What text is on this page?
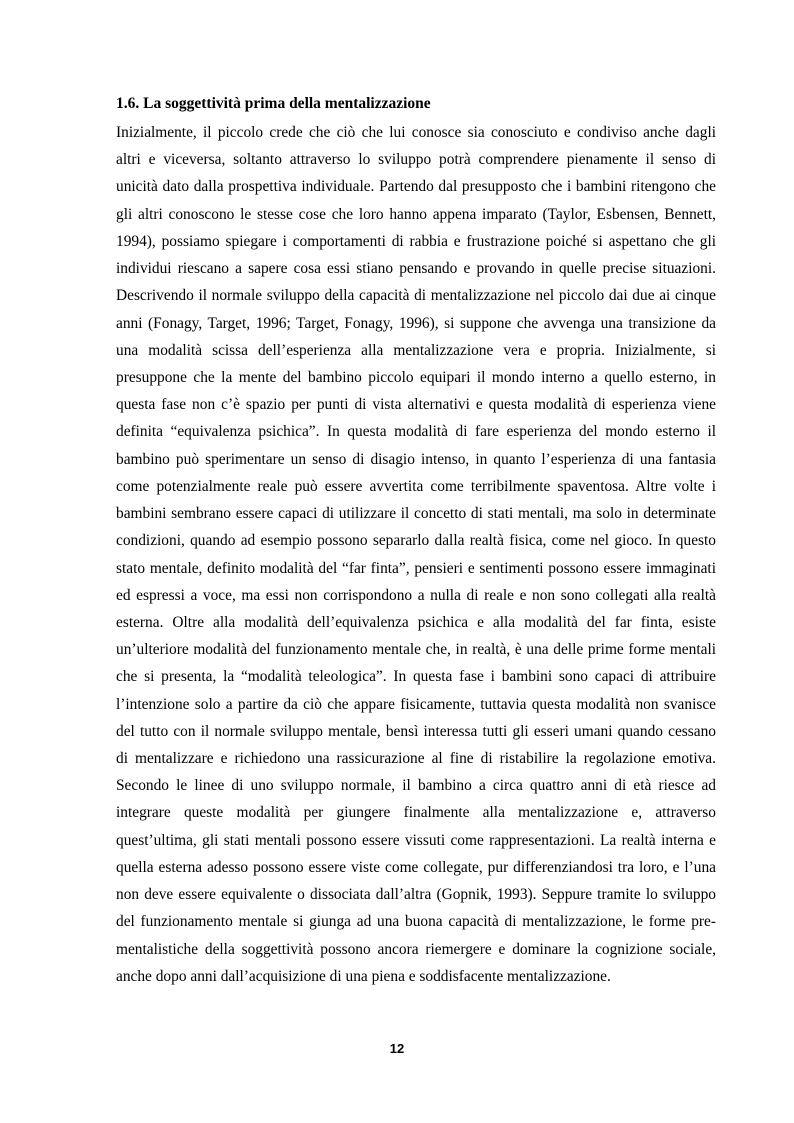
1.6. La soggettività prima della mentalizzazione
Inizialmente, il piccolo crede che ciò che lui conosce sia conosciuto e condiviso anche dagli
altri e viceversa, soltanto attraverso lo sviluppo potrà comprendere pienamente il senso di
unicità dato dalla prospettiva individuale. Partendo dal presupposto che i bambini ritengono che
gli altri conoscono le stesse cose che loro hanno appena imparato (Taylor, Esbensen, Bennett,
1994), possiamo spiegare i comportamenti di rabbia e frustrazione poiché si aspettano che gli
individui riescano a sapere cosa essi stiano pensando e provando in quelle precise situazioni.
Descrivendo il normale sviluppo della capacità di mentalizzazione nel piccolo dai due ai cinque
anni (Fonagy, Target, 1996; Target, Fonagy, 1996), si suppone che avvenga una transizione da
una modalità scissa dell’esperienza alla mentalizzazione vera e propria. Inizialmente, si
presuppone che la mente del bambino piccolo equipari il mondo interno a quello esterno, in
questa fase non c’è spazio per punti di vista alternativi e questa modalità di esperienza viene
definita “equivalenza psichica”. In questa modalità di fare esperienza del mondo esterno il
bambino può sperimentare un senso di disagio intenso, in quanto l’esperienza di una fantasia
come potenzialmente reale può essere avvertita come terribilmente spaventosa. Altre volte i
bambini sembrano essere capaci di utilizzare il concetto di stati mentali, ma solo in determinate
condizioni, quando ad esempio possono separarlo dalla realtà fisica, come nel gioco. In questo
stato mentale, definito modalità del “far finta”, pensieri e sentimenti possono essere immaginati
ed espressi a voce, ma essi non corrispondono a nulla di reale e non sono collegati alla realtà
esterna. Oltre alla modalità dell’equivalenza psichica e alla modalità del far finta, esiste
un’ulteriore modalità del funzionamento mentale che, in realtà, è una delle prime forme mentali
che si presenta, la “modalità teleologica”. In questa fase i bambini sono capaci di attribuire
l’intenzione solo a partire da ciò che appare fisicamente, tuttavia questa modalità non svanisce
del tutto con il normale sviluppo mentale, bensì interessa tutti gli esseri umani quando cessano
di mentalizzare e richiedono una rassicurazione al fine di ristabilire la regolazione emotiva.
Secondo le linee di uno sviluppo normale, il bambino a circa quattro anni di età riesce ad
integrare queste modalità per giungere finalmente alla mentalizzazione e, attraverso
quest’ultima, gli stati mentali possono essere vissuti come rappresentazioni. La realtà interna e
quella esterna adesso possono essere viste come collegate, pur differenziandosi tra loro, e l’una
non deve essere equivalente o dissociata dall’altra (Gopnik, 1993). Seppure tramite lo sviluppo
del funzionamento mentale si giunga ad una buona capacità di mentalizzazione, le forme pre-
mentalistiche della soggettività possono ancora riemergere e dominare la cognizione sociale,
anche dopo anni dall’acquisizione di una piena e soddisfacente mentalizzazione.
12
